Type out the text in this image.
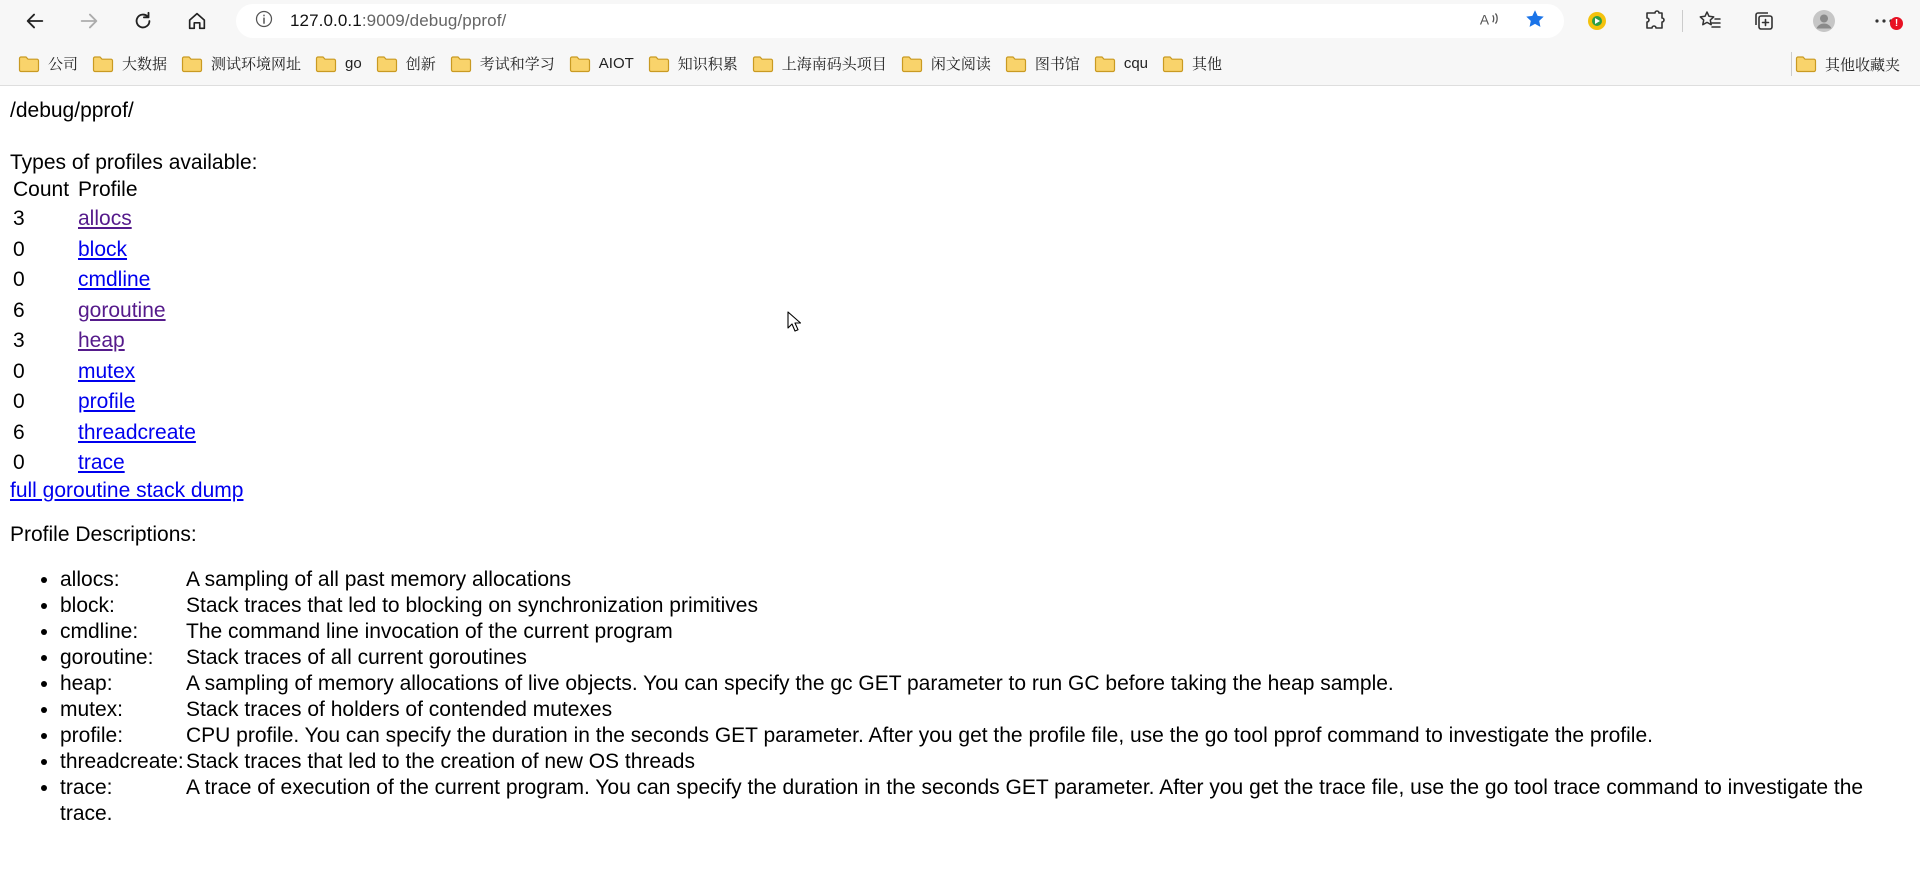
127.0.0.1:9009/debug/pprof/	A	!
其他收藏夹
公司	大数据	测试环境网址	go	创新	考试和学习	AIOT	知识积累	上海南码头项目	闲文阅读	图书馆	cqu	其他
/debug/pprof/
Types of profiles available:
Count	Profile
3	allocs
0	block
0	cmdline
6	goroutine
3	heap
0	mutex
0	profile
6	threadcreate
0	trace
full goroutine stack dump
Profile Descriptions:
• allocs:	A sampling of all past memory allocations
• block:	Stack traces that led to blocking on synchronization primitives
• cmdline: The command line invocation of the current program
• goroutine: Stack traces of all current goroutines
• heap:	A sampling of memory allocations of live objects. You can specify the gc GET parameter to run GC before taking the heap sample.
• mutex:	Stack traces of holders of contended mutexes
• profile:	CPU profile. You can specify the duration in the seconds GET parameter. After you get the profile file, use the go tool pprof command to investigate the profile.
• threadcreate: Stack traces that led to the creation of new OS threads
• trace:	A trace of execution of the current program. You can specify the duration in the seconds GET parameter. After you get the trace file, use the go tool trace command to investigate the trace.
